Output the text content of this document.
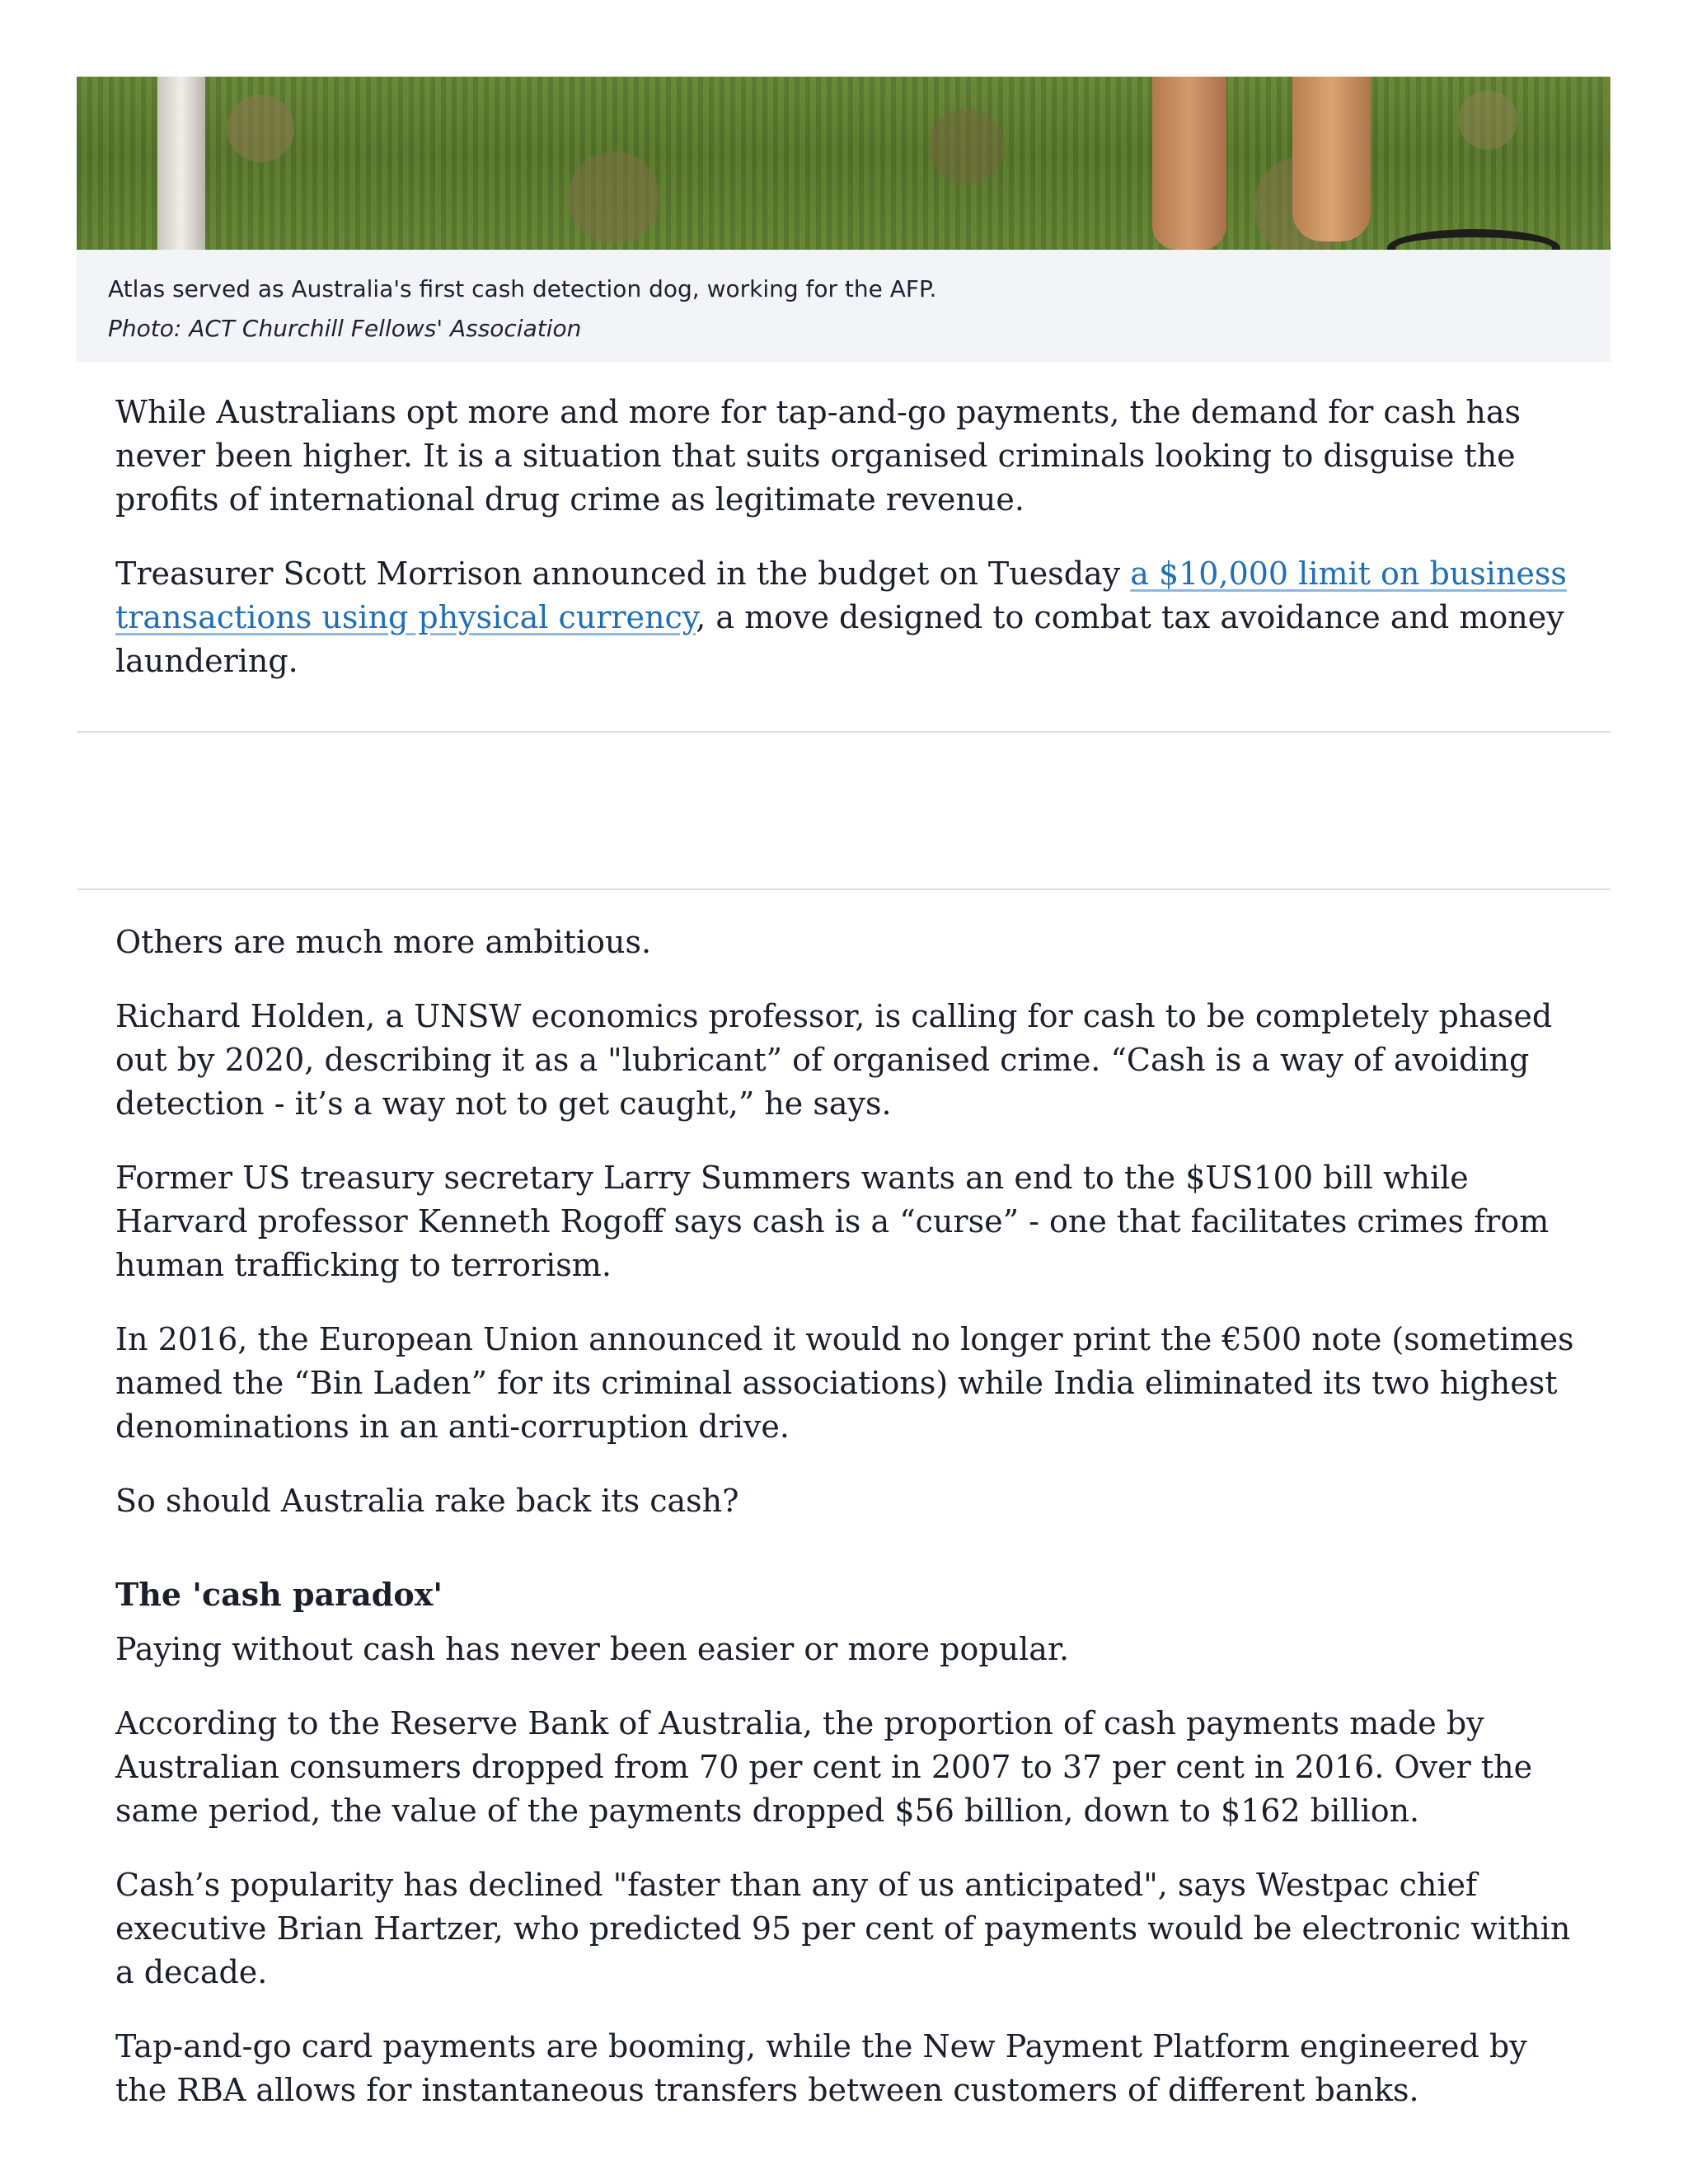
Atlas served as Australia's first cash detection dog, working for the AFP.
Photo: ACT Churchill Fellows' Association

While Australians opt more and more for tap-and-go payments, the demand for cash has never been higher. It is a situation that suits organised criminals looking to disguise the profits of international drug crime as legitimate revenue.

Treasurer Scott Morrison announced in the budget on Tuesday a $10,000 limit on business transactions using physical currency, a move designed to combat tax avoidance and money laundering.

Others are much more ambitious.

Richard Holden, a UNSW economics professor, is calling for cash to be completely phased out by 2020, describing it as a "lubricant” of organised crime. “Cash is a way of avoiding detection - it’s a way not to get caught,” he says.

Former US treasury secretary Larry Summers wants an end to the $US100 bill while Harvard professor Kenneth Rogoff says cash is a “curse” - one that facilitates crimes from human trafficking to terrorism.

In 2016, the European Union announced it would no longer print the €500 note (sometimes named the “Bin Laden” for its criminal associations) while India eliminated its two highest denominations in an anti-corruption drive.

So should Australia rake back its cash?

The 'cash paradox'

Paying without cash has never been easier or more popular.

According to the Reserve Bank of Australia, the proportion of cash payments made by Australian consumers dropped from 70 per cent in 2007 to 37 per cent in 2016. Over the same period, the value of the payments dropped $56 billion, down to $162 billion.

Cash’s popularity has declined "faster than any of us anticipated", says Westpac chief executive Brian Hartzer, who predicted 95 per cent of payments would be electronic within a decade.

Tap-and-go card payments are booming, while the New Payment Platform engineered by the RBA allows for instantaneous transfers between customers of different banks.
